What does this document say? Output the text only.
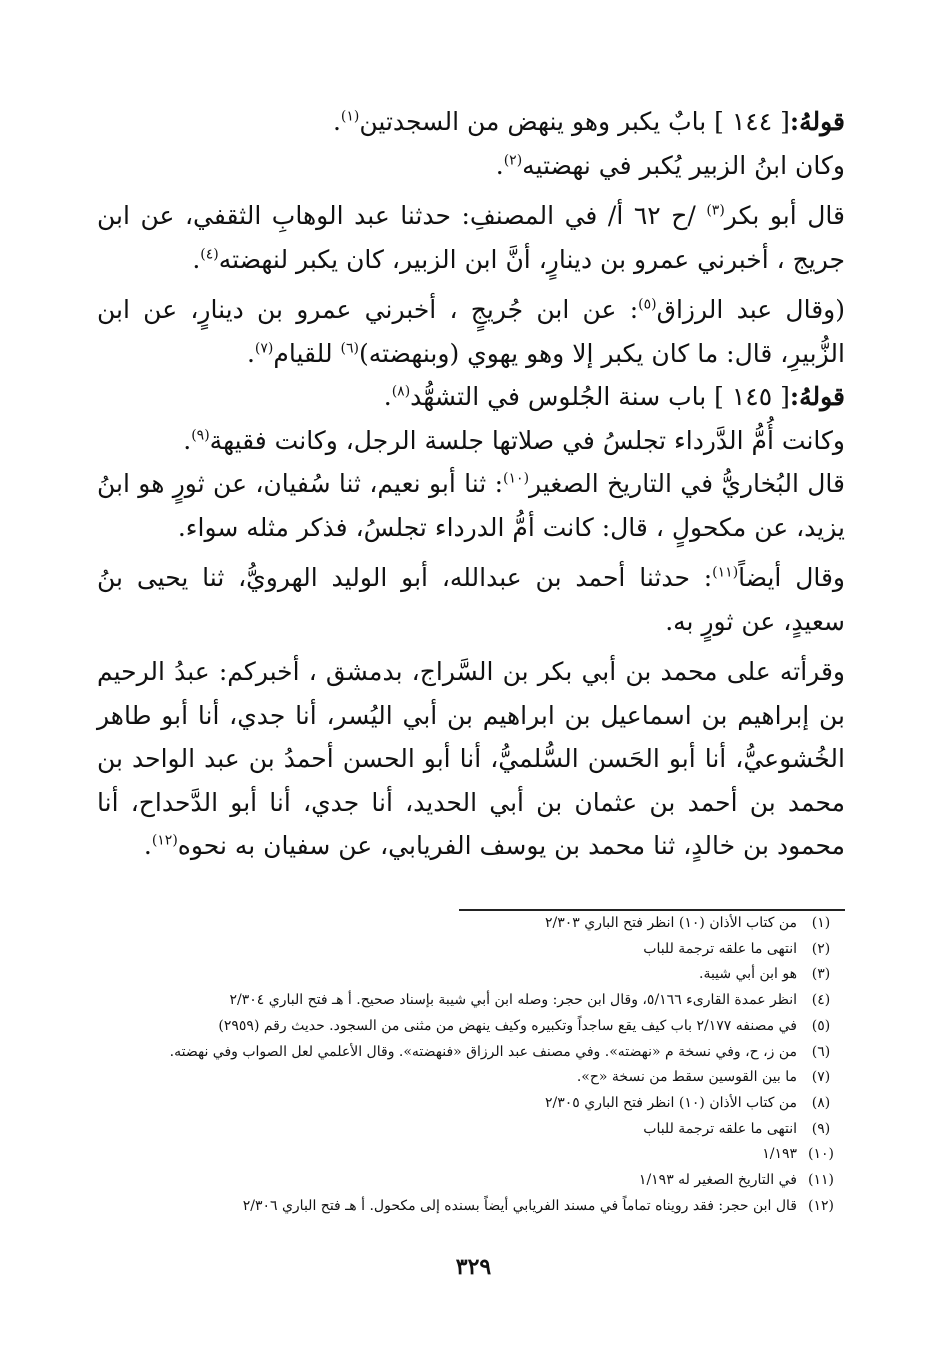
قولهُ:[ ١٤٤ ] بابٌ يكبر وهو ينهض من السجدتين$^{(١)}$.

وكان ابنُ الزبير يُكبر في نهضتيه$^{(٢)}$.

قال أبو بكر$^{(٣)}$ /ح ٦٢ أ/ في المصنفِ: حدثنا عبد الوهابِ الثقفي، عن ابن جريج ، أخبرني عمرو بن دينارٍ، أنَّ ابن الزبير، كان يكبر لنهضته$^{(٤)}$.

(وقال عبد الرزاق$^{(٥)}$: عن ابن جُريجٍ ، أخبرني عمرو بن دينارٍ، عن ابن الزُّبيرِ، قال: ما كان يكبر إلا وهو يهوي (وبنهضته)$^{(٦)}$ للقيام$^{(٧)}$.

قولهُ:[ ١٤٥ ] باب سنة الجُلوس في التشهُّد$^{(٨)}$.

وكانت أُمُّ الدَّرداء تجلسُ في صلاتها جلسة الرجل، وكانت فقيهة$^{(٩)}$.

قال البُخاريُّ في التاريخ الصغير$^{(١٠)}$: ثنا أبو نعيم، ثنا سُفيان، عن ثورٍ هو ابنُ يزيد، عن مكحولٍ ، قال: كانت أمُّ الدرداء تجلسُ، فذكر مثله سواء.

وقال أيضاً$^{(١١)}$: حدثنا أحمد بن عبدالله، أبو الوليد الهرويُّ، ثنا يحيى بنُ سعيدٍ، عن ثورٍ به.

وقرأته على محمد بن أبي بكر بن السَّراج، بدمشق ، أخبركم: عبدُ الرحيم بن إبراهيم بن اسماعيل بن ابراهيم بن أبي اليُسر، أنا جدي، أنا أبو طاهر الخُشوعيُّ، أنا أبو الحَسن السُّلميُّ، أنا أبو الحسن أحمدُ بن عبد الواحد بن محمد بن أحمد بن عثمان بن أبي الحديد، أنا جدي، أنا أبو الدَّحداح، أنا محمود بن خالدٍ، ثنا محمد بن يوسف الفريابي، عن سفيان به نحوه$^{(١٢)}$.

(١)
من كتاب الأذان (١٠) انظر فتح الباري ٢/٣٠٣
(٢)
انتهى ما علقه ترجمة للباب
(٣)
هو ابن أبي شيبة.
(٤)
انظر عمدة القارىء ٥/١٦٦، وقال ابن حجر: وصله ابن أبي شيبة بإسناد صحيح. أ هـ فتح الباري ٢/٣٠٤
(٥)
في مصنفه ٢/١٧٧ باب كيف يقع ساجداً وتكبيره وكيف ينهض من مثنى من السجود. حديث رقم (٢٩٥٩)
(٦)
من ز، ح، وفي نسخة م «نهضته». وفي مصنف عبد الرزاق «فنهضته». وقال الأعلمي لعل الصواب وفي نهضته.
(٧)
ما بين القوسين سقط من نسخة «ح».
(٨)
من كتاب الأذان (١٠) انظر فتح الباري ٢/٣٠٥
(٩)
انتهى ما علقه ترجمة للباب
(١٠)
١/١٩٣
(١١)
في التاريخ الصغير له ١/١٩٣
(١٢)
قال ابن حجر: فقد رويناه تماماً في مسند الفريابي أيضاً بسنده إلى مكحول. أ هـ فتح الباري ٢/٣٠٦
٣٢٩
